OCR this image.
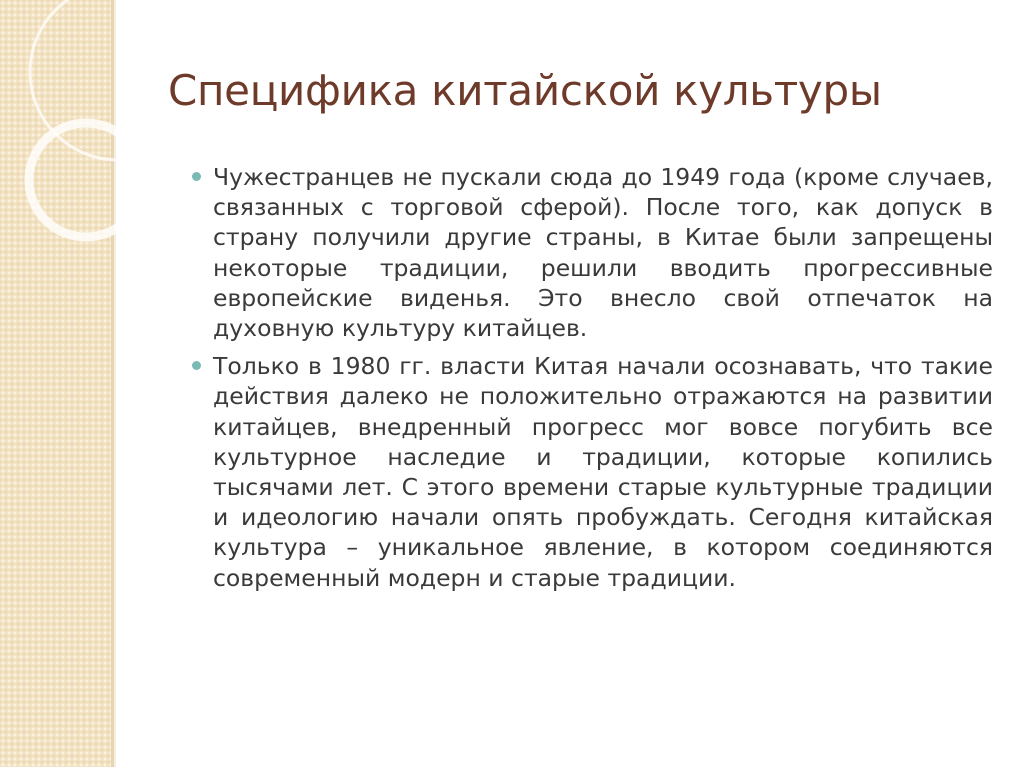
Специфика китайской культуры
Чужестранцев не пускали сюда до 1949 года (кроме случаев, связанных с торговой сферой). После того, как допуск в страну получили другие страны, в Китае были запрещены некоторые традиции, решили вводить прогрессивные европейские виденья. Это внесло свой отпечаток на духовную культуру китайцев.
Только в 1980 гг. власти Китая начали осознавать, что такие действия далеко не положительно отражаются на развитии китайцев, внедренный прогресс мог вовсе погубить все культурное наследие и традиции, которые копились тысячами лет. С этого времени старые культурные традиции и идеологию начали опять пробуждать. Сегодня китайская культура – уникальное явление, в котором соединяются современный модерн и старые традиции.
